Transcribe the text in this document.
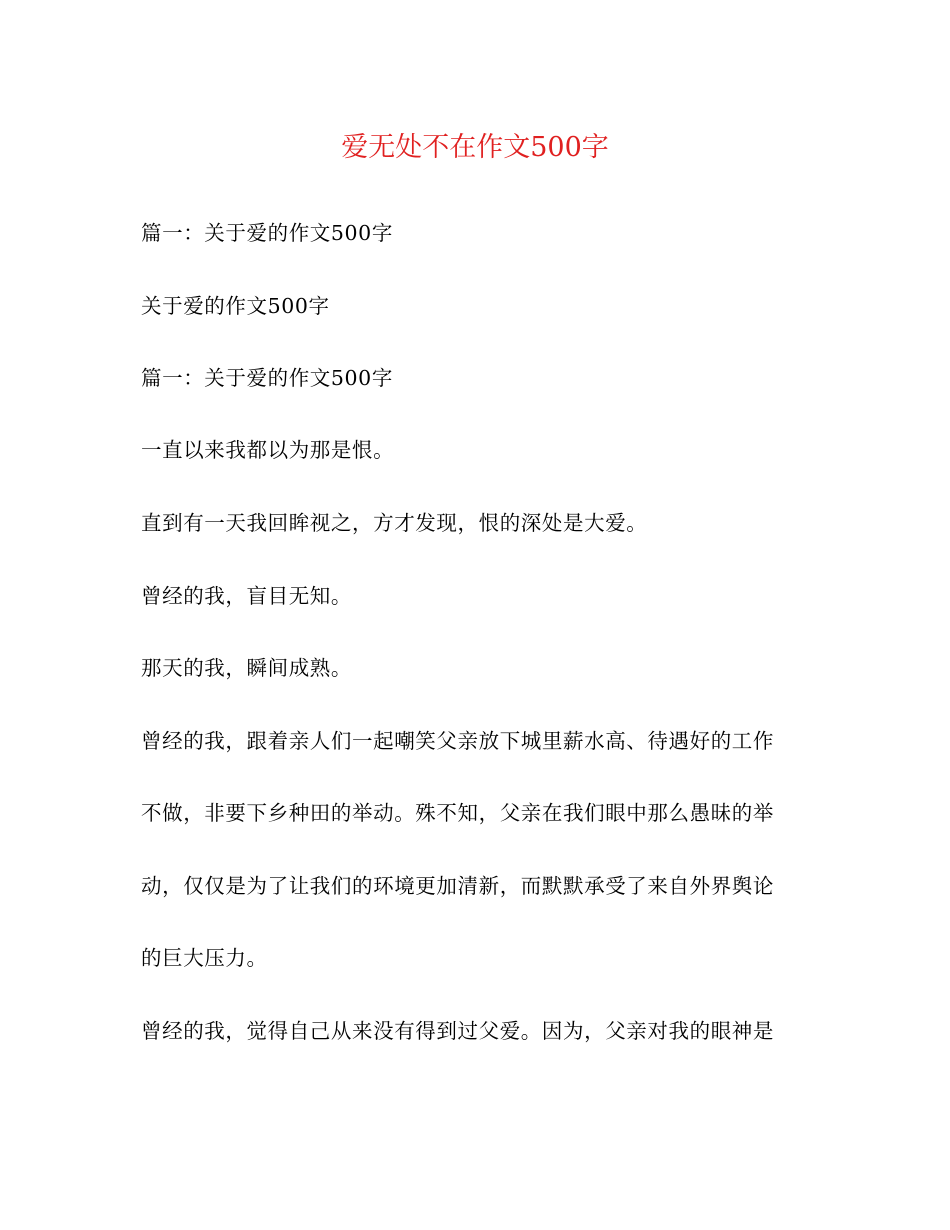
爱无处不在作文500字

篇一：关于爱的作文500字

关于爱的作文500字

篇一：关于爱的作文500字

一直以来我都以为那是恨。

直到有一天我回眸视之，方才发现，恨的深处是大爱。

曾经的我，盲目无知。

那天的我，瞬间成熟。

曾经的我，跟着亲人们一起嘲笑父亲放下城里薪水高、待遇好的工作

不做，非要下乡种田的举动。殊不知，父亲在我们眼中那么愚昧的举

动，仅仅是为了让我们的环境更加清新，而默默承受了来自外界舆论

的巨大压力。

曾经的我，觉得自己从来没有得到过父爱。因为，父亲对我的眼神是
